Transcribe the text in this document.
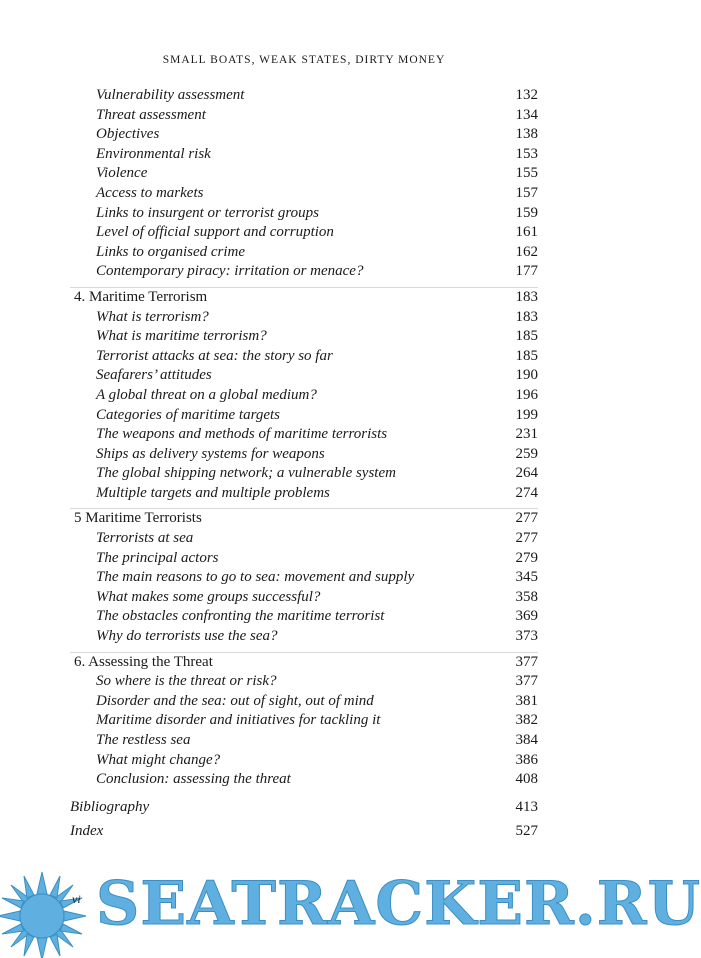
SMALL BOATS, WEAK STATES, DIRTY MONEY
Vulnerability assessment	132
Threat assessment	134
Objectives	138
Environmental risk	153
Violence	155
Access to markets	157
Links to insurgent or terrorist groups	159
Level of official support and corruption	161
Links to organised crime	162
Contemporary piracy: irritation or menace?	177
4. Maritime Terrorism	183
What is terrorism?	183
What is maritime terrorism?	185
Terrorist attacks at sea: the story so far	185
Seafarers’ attitudes	190
A global threat on a global medium?	196
Categories of maritime targets	199
The weapons and methods of maritime terrorists	231
Ships as delivery systems for weapons	259
The global shipping network; a vulnerable system	264
Multiple targets and multiple problems	274
5 Maritime Terrorists	277
Terrorists at sea	277
The principal actors	279
The main reasons to go to sea: movement and supply	345
What makes some groups successful?	358
The obstacles confronting the maritime terrorist	369
Why do terrorists use the sea?	373
6. Assessing the Threat	377
So where is the threat or risk?	377
Disorder and the sea: out of sight, out of mind	381
Maritime disorder and initiatives for tackling it	382
The restless sea	384
What might change?	386
Conclusion: assessing the threat	408
Bibliography	413
Index	527
vi SEATRACKER.RU
